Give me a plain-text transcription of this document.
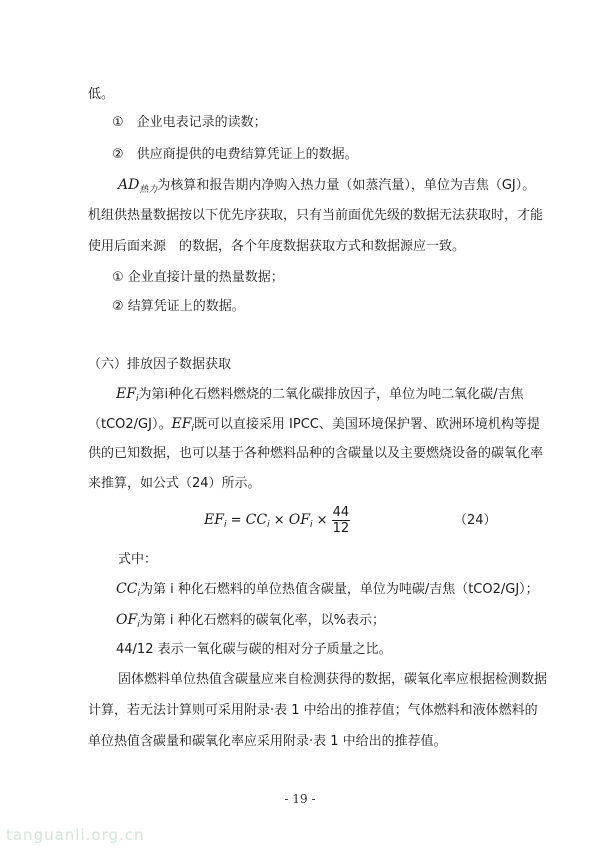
低。
①　企业电表记录的读数；
②　供应商提供的电费结算凭证上的数据。
$AD_{热力}$为核算和报告期内净购入热力量（如蒸汽量），单位为吉焦（GJ）。
机组供热量数据按以下优先序获取，只有当前面优先级的数据无法获取时，才能
使用后面来源　的数据，各个年度数据获取方式和数据源应一致。
① 企业直接计量的热量数据；
② 结算凭证上的数据。
（六）排放因子数据获取
$EF_i$为第i种化石燃料燃烧的二氧化碳排放因子，单位为吨二氧化碳/吉焦
（tCO2/GJ）。$EF_i$既可以直接采用 IPCC、美国环境保护署、欧洲环境机构等提
供的已知数据，也可以基于各种燃料品种的含碳量以及主要燃烧设备的碳氧化率
来推算，如公式（24）所示。
$EF_i = CC_i \times OF_i \times \frac{44}{12}$	（24）
式中：
$CC_i$为第 i 种化石燃料的单位热值含碳量，单位为吨碳/吉焦（tCO2/GJ）；
$OF_i$为第 i 种化石燃料的碳氧化率，以%表示；
44/12 表示一氧化碳与碳的相对分子质量之比。
固体燃料单位热值含碳量应来自检测获得的数据，碳氧化率应根据检测数据
计算，若无法计算则可采用附录·表 1 中给出的推荐值；气体燃料和液体燃料的
单位热值含碳量和碳氧化率应采用附录·表 1 中给出的推荐值。
- 19 -
tanguanli.org.cn
